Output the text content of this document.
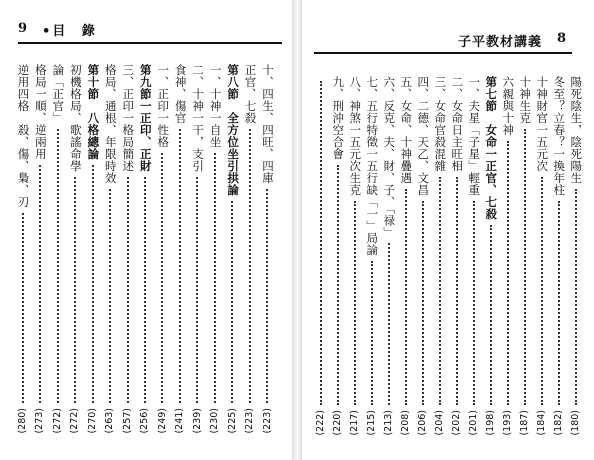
9
•	目 錄
十、四生、四旺、四庫
(223)
正官、七殺
(223)
第八節　全方位坐引拱論
(225)
一、十神一自坐
(230)
二、十神一干，支引
(239)
食神、傷官
(241)
一、正印一性格
(249)
第九節一正印、正財
(256)
三、正印一格局簡述
(257)
格局、通根、年限時效
(263)
第十節　八格總論
(270)
初機格局、歌謠命學
(272)
論「正官」
(272)
格局一順、逆兩用
(273)
逆用四格　殺、傷、梟、刃
(280)
子平教材講義 8
陽死陰生，陰死陽生
(180)
冬至？立春？一換年柱
(182)
十神財官一五元次
(184)
十神生克
(187)
六親與十神
(193)
第七節　女命一正官、七殺
(198)
一、夫星「子星」輕重
(201)
二、女命日主旺相
(202)
三、女命官殺混雜
(204)
四、二德、天乙、文昌
(206)
五、女命、十神疊遇
(208)
六、反克、夫、財、子、「禄」
(213)
七、五行特徵一五行缺「一」局論
(215)
八、神煞一五元次生克
(217)
九、刑沖空合會
(220)
(222)
